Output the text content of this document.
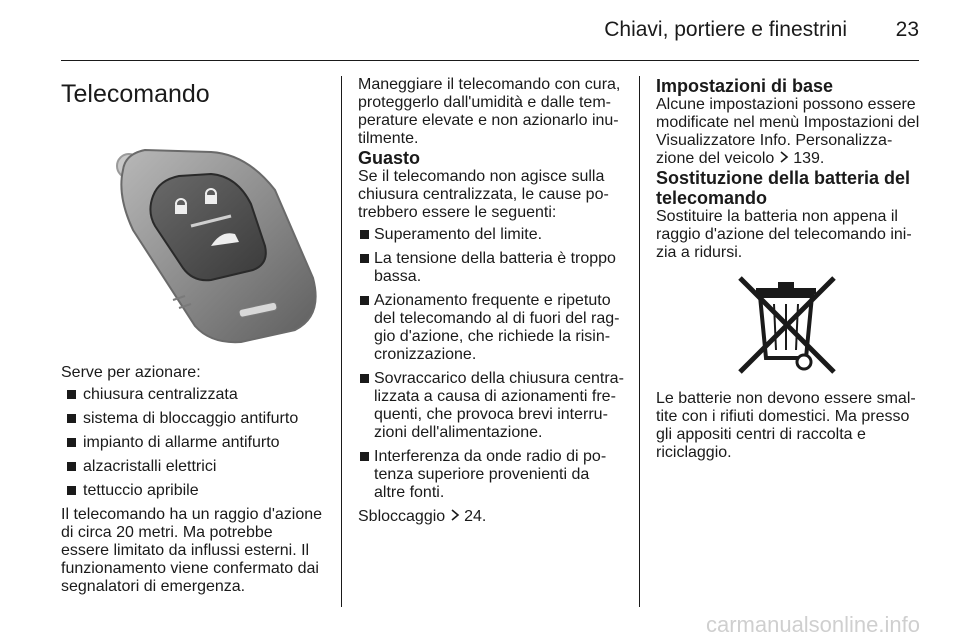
Chiavi, portiere e finestrini 23
Telecomando

Serve per azionare:

chiusura centralizzata
sistema di bloccaggio antifurto
impianto di allarme antifurto
alzacristalli elettrici
tettuccio apribile

Il telecomando ha un raggio d'azione di circa 20 metri. Ma potrebbe essere limitato da influssi esterni. Il funzionamento viene confermato dai segnalatori di emergenza.

Maneggiare il telecomando con cura, proteggerlo dall'umidità e dalle temperature elevate e non azionarlo inutilmente.

Guasto

Se il telecomando non agisce sulla chiusura centralizzata, le cause potrebbero essere le seguenti:

Superamento del limite.
La tensione della batteria è troppo bassa.
Azionamento frequente e ripetuto del telecomando al di fuori del raggio d'azione, che richiede la risincronizzazione.
Sovraccarico della chiusura centralizzata a causa di azionamenti frequenti, che provoca brevi interruzioni dell'alimentazione.
Interferenza da onde radio di potenza superiore provenienti da altre fonti.

Sbloccaggio 24.

Impostazioni di base

Alcune impostazioni possono essere modificate nel menù Impostazioni del Visualizzatore Info. Personalizzazione del veicolo 139.

Sostituzione della batteria del telecomando

Sostituire la batteria non appena il raggio d'azione del telecomando inizia a ridursi.

Le batterie non devono essere smaltite con i rifiuti domestici. Ma presso gli appositi centri di raccolta e riciclaggio.

carmanualsonline.info
